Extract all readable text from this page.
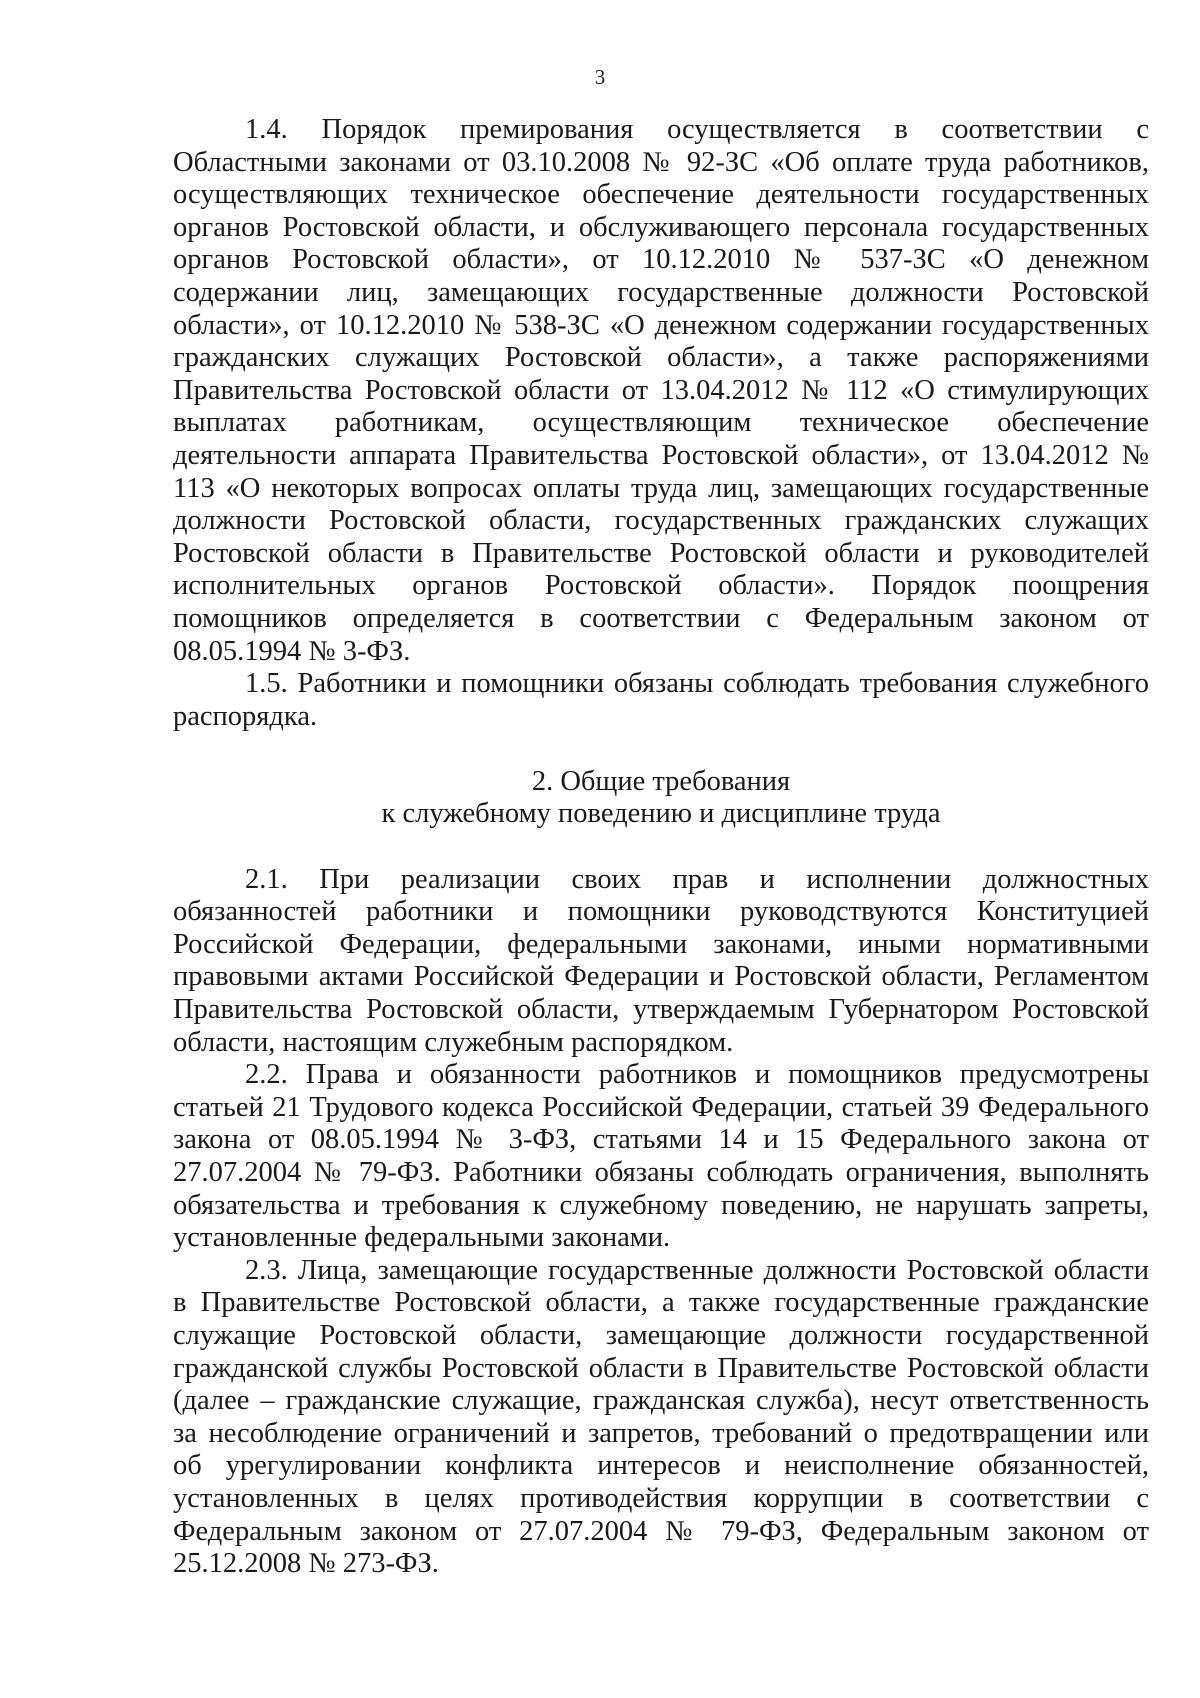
3

1.4. Порядок премирования осуществляется в соответствии с Областными законами от 03.10.2008 № 92-ЗС «Об оплате труда работников, осуществляющих техническое обеспечение деятельности государственных органов Ростовской области, и обслуживающего персонала государственных органов Ростовской области», от 10.12.2010 № 537-ЗС «О денежном содержании лиц, замещающих государственные должности Ростовской области», от 10.12.2010 № 538-ЗС «О денежном содержании государственных гражданских служащих Ростовской области», а также распоряжениями Правительства Ростовской области от 13.04.2012 № 112 «О стимулирующих выплатах работникам, осуществляющим техническое обеспечение деятельности аппарата Правительства Ростовской области», от 13.04.2012 № 113 «О некоторых вопросах оплаты труда лиц, замещающих государственные должности Ростовской области, государственных гражданских служащих Ростовской области в Правительстве Ростовской области и руководителей исполнительных органов Ростовской области». Порядок поощрения помощников определяется в соответствии с Федеральным законом от 08.05.1994 № 3-ФЗ.

1.5. Работники и помощники обязаны соблюдать требования служебного распорядка.

2. Общие требования

к служебному поведению и дисциплине труда

2.1. При реализации своих прав и исполнении должностных обязанностей работники и помощники руководствуются Конституцией Российской Федерации, федеральными законами, иными нормативными правовыми актами Российской Федерации и Ростовской области, Регламентом Правительства Ростовской области, утверждаемым Губернатором Ростовской области, настоящим служебным распорядком.

2.2. Права и обязанности работников и помощников предусмотрены статьей 21 Трудового кодекса Российской Федерации, статьей 39 Федерального закона от 08.05.1994 № 3-ФЗ, статьями 14 и 15 Федерального закона от 27.07.2004 № 79-ФЗ. Работники обязаны соблюдать ограничения, выполнять обязательства и требования к служебному поведению, не нарушать запреты, установленные федеральными законами.

2.3. Лица, замещающие государственные должности Ростовской области в Правительстве Ростовской области, а также государственные гражданские служащие Ростовской области, замещающие должности государственной гражданской службы Ростовской области в Правительстве Ростовской области (далее – гражданские служащие, гражданская служба), несут ответственность за несоблюдение ограничений и запретов, требований о предотвращении или об урегулировании конфликта интересов и неисполнение обязанностей, установленных в целях противодействия коррупции в соответствии с Федеральным законом от 27.07.2004 № 79-ФЗ, Федеральным законом от 25.12.2008 № 273-ФЗ.
